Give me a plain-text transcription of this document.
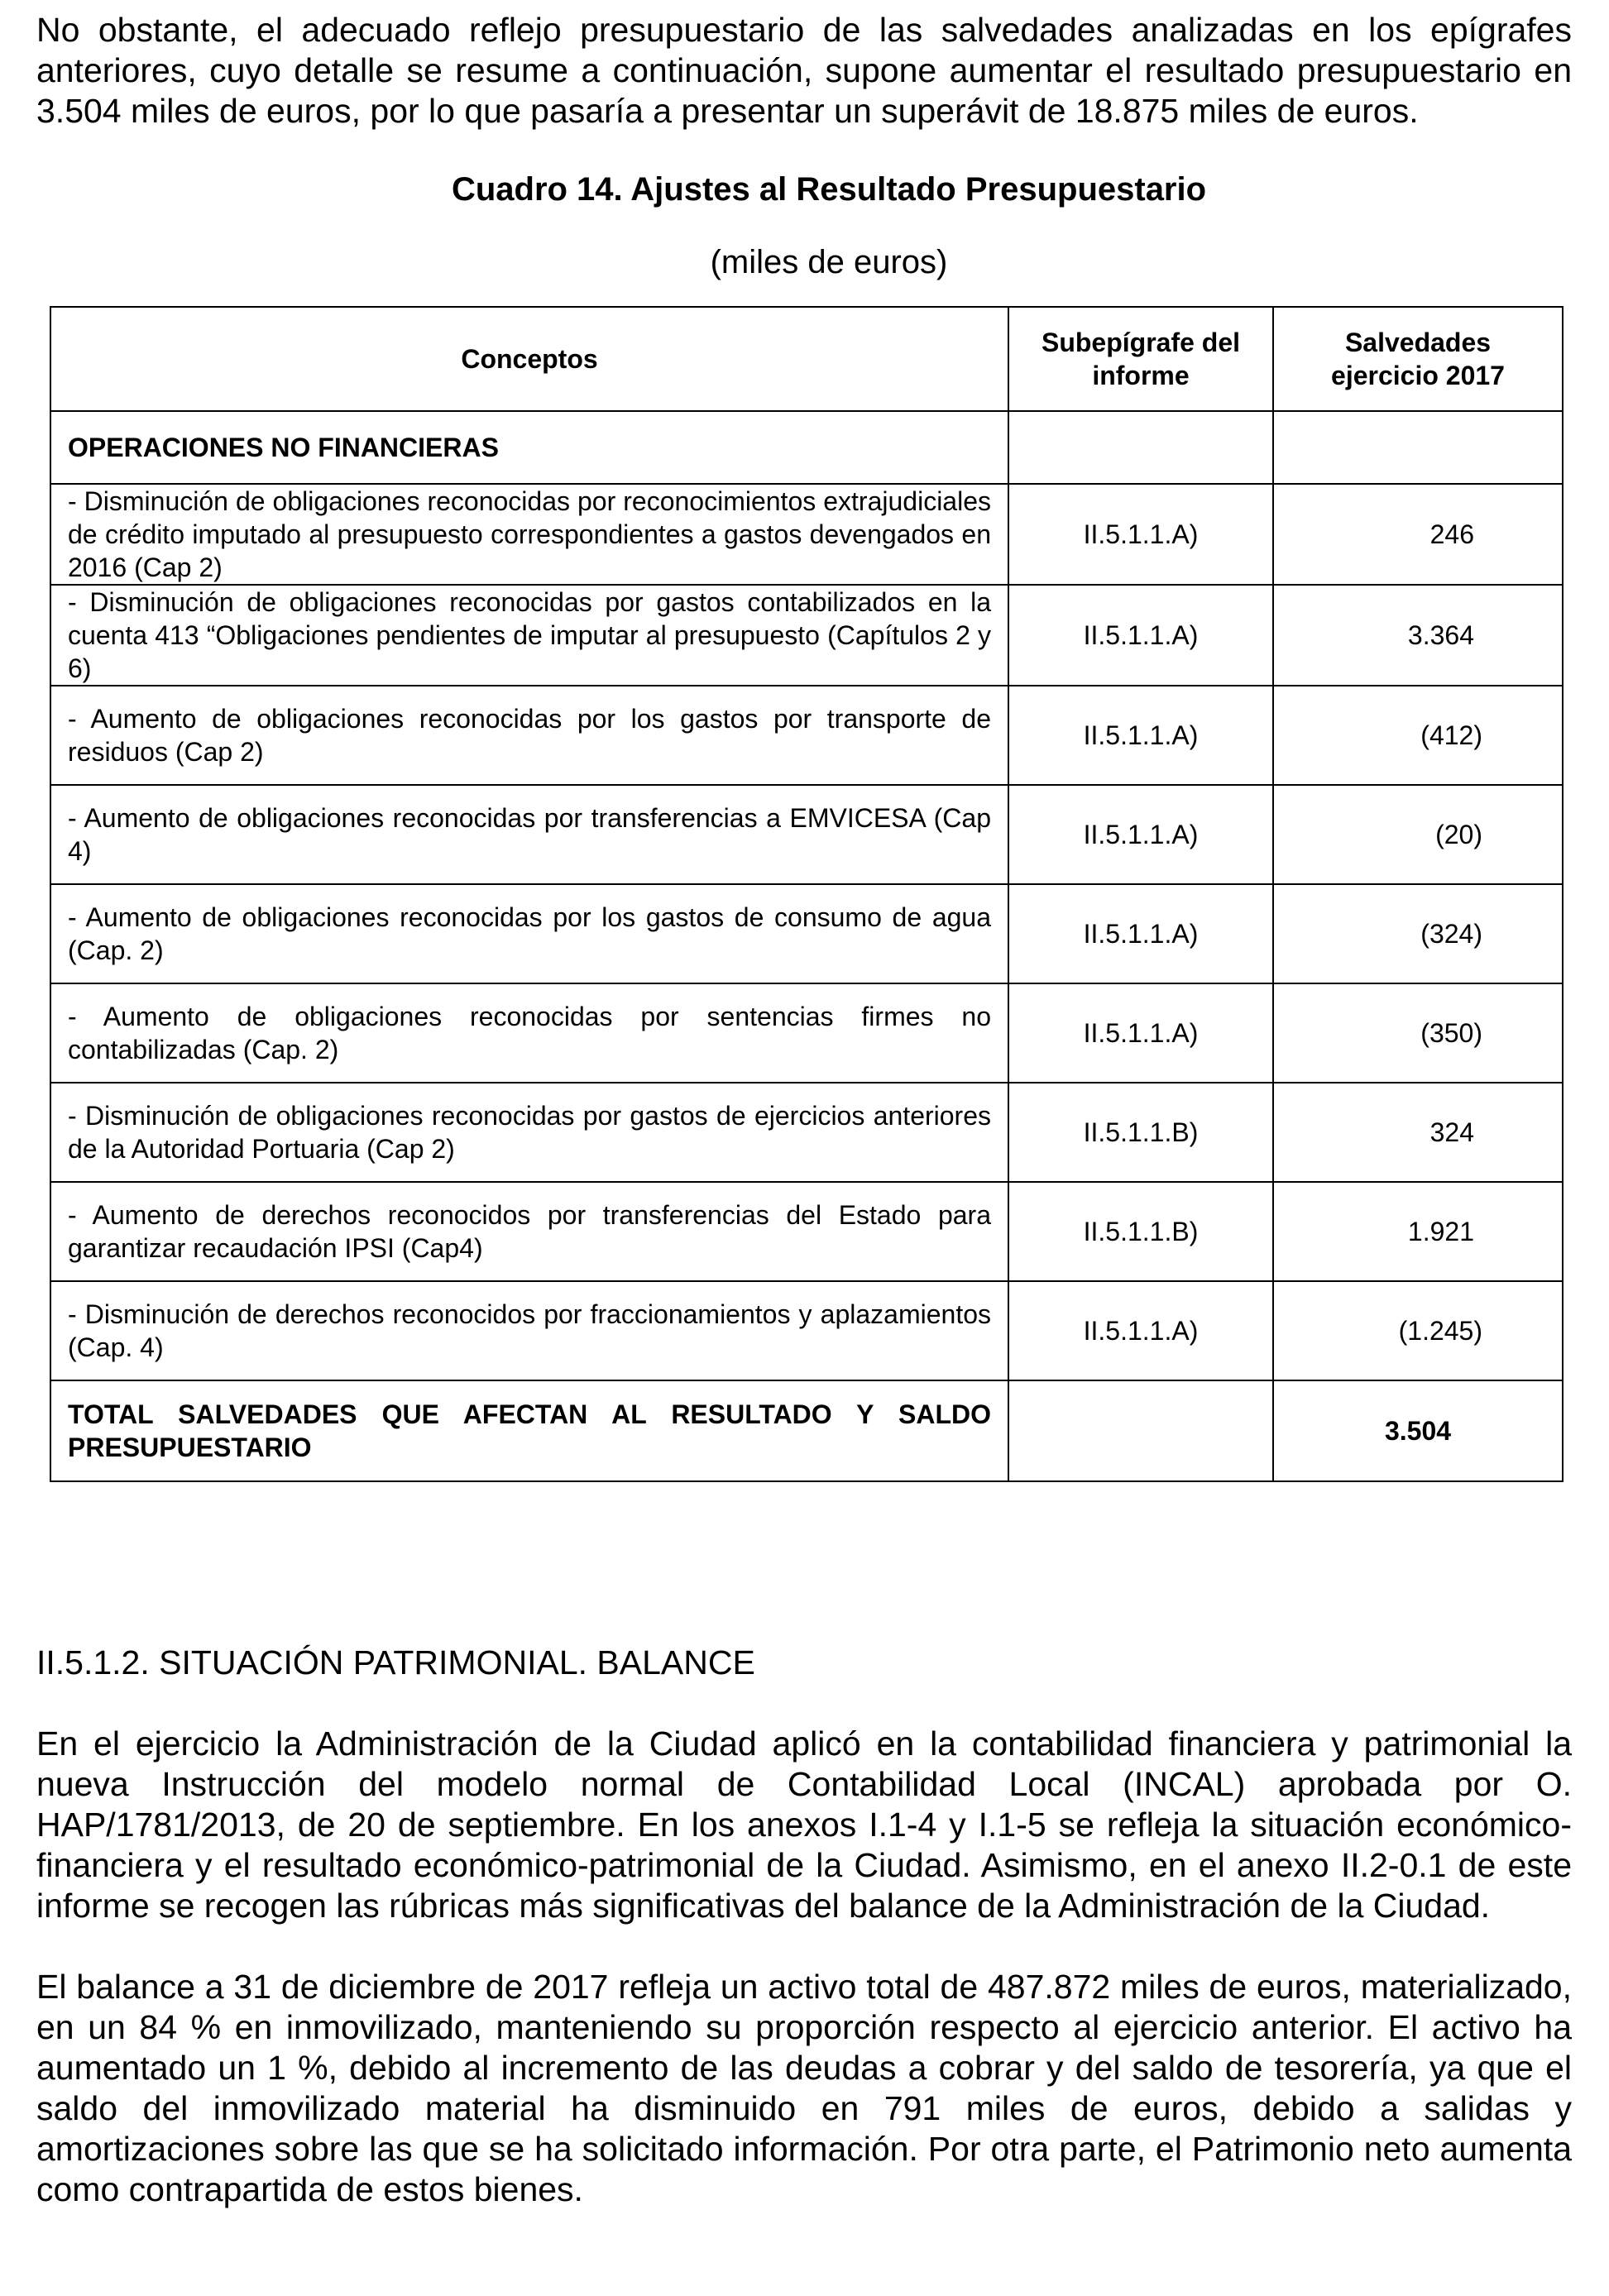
No obstante, el adecuado reflejo presupuestario de las salvedades analizadas en los epígrafes anteriores, cuyo detalle se resume a continuación, supone aumentar el resultado presupuestario en 3.504 miles de euros, por lo que pasaría a presentar un superávit de 18.875 miles de euros.

Cuadro 14. Ajustes al Resultado Presupuestario

(miles de euros)

Conceptos	Subepígrafe del informe	Salvedades ejercicio 2017
OPERACIONES NO FINANCIERAS		
- Disminución de obligaciones reconocidas por reconocimientos extrajudiciales de crédito imputado al presupuesto correspondientes a gastos devengados en 2016 (Cap 2)	II.5.1.1.A)	246
- Disminución de obligaciones reconocidas por gastos contabilizados en la cuenta 413 “Obligaciones pendientes de imputar al presupuesto (Capítulos 2 y 6)	II.5.1.1.A)	3.364
- Aumento de obligaciones reconocidas por los gastos por transporte de residuos (Cap 2)	II.5.1.1.A)	(412)
- Aumento de obligaciones reconocidas por transferencias a EMVICESA (Cap 4)	II.5.1.1.A)	(20)
- Aumento de obligaciones reconocidas por los gastos de consumo de agua (Cap. 2)	II.5.1.1.A)	(324)
- Aumento de obligaciones reconocidas por sentencias firmes no contabilizadas (Cap. 2)	II.5.1.1.A)	(350)
- Disminución de obligaciones reconocidas por gastos de ejercicios anteriores de la Autoridad Portuaria (Cap 2)	II.5.1.1.B)	324
- Aumento de derechos reconocidos por transferencias del Estado para garantizar recaudación IPSI (Cap4)	II.5.1.1.B)	1.921
- Disminución de derechos reconocidos por fraccionamientos y aplazamientos (Cap. 4)	II.5.1.1.A)	(1.245)
TOTAL SALVEDADES QUE AFECTAN AL RESULTADO Y SALDO PRESUPUESTARIO		3.504

II.5.1.2. SITUACIÓN PATRIMONIAL. BALANCE

En el ejercicio la Administración de la Ciudad aplicó en la contabilidad financiera y patrimonial la nueva Instrucción del modelo normal de Contabilidad Local (INCAL) aprobada por O. HAP/1781/2013, de 20 de septiembre. En los anexos I.1-4 y I.1-5 se refleja la situación económico-financiera y el resultado económico-patrimonial de la Ciudad. Asimismo, en el anexo II.2-0.1 de este informe se recogen las rúbricas más significativas del balance de la Administración de la Ciudad.

El balance a 31 de diciembre de 2017 refleja un activo total de 487.872 miles de euros, materializado, en un 84 % en inmovilizado, manteniendo su proporción respecto al ejercicio anterior. El activo ha aumentado un 1 %, debido al incremento de las deudas a cobrar y del saldo de tesorería, ya que el saldo del inmovilizado material ha disminuido en 791 miles de euros, debido a salidas y amortizaciones sobre las que se ha solicitado información. Por otra parte, el Patrimonio neto aumenta como contrapartida de estos bienes.
